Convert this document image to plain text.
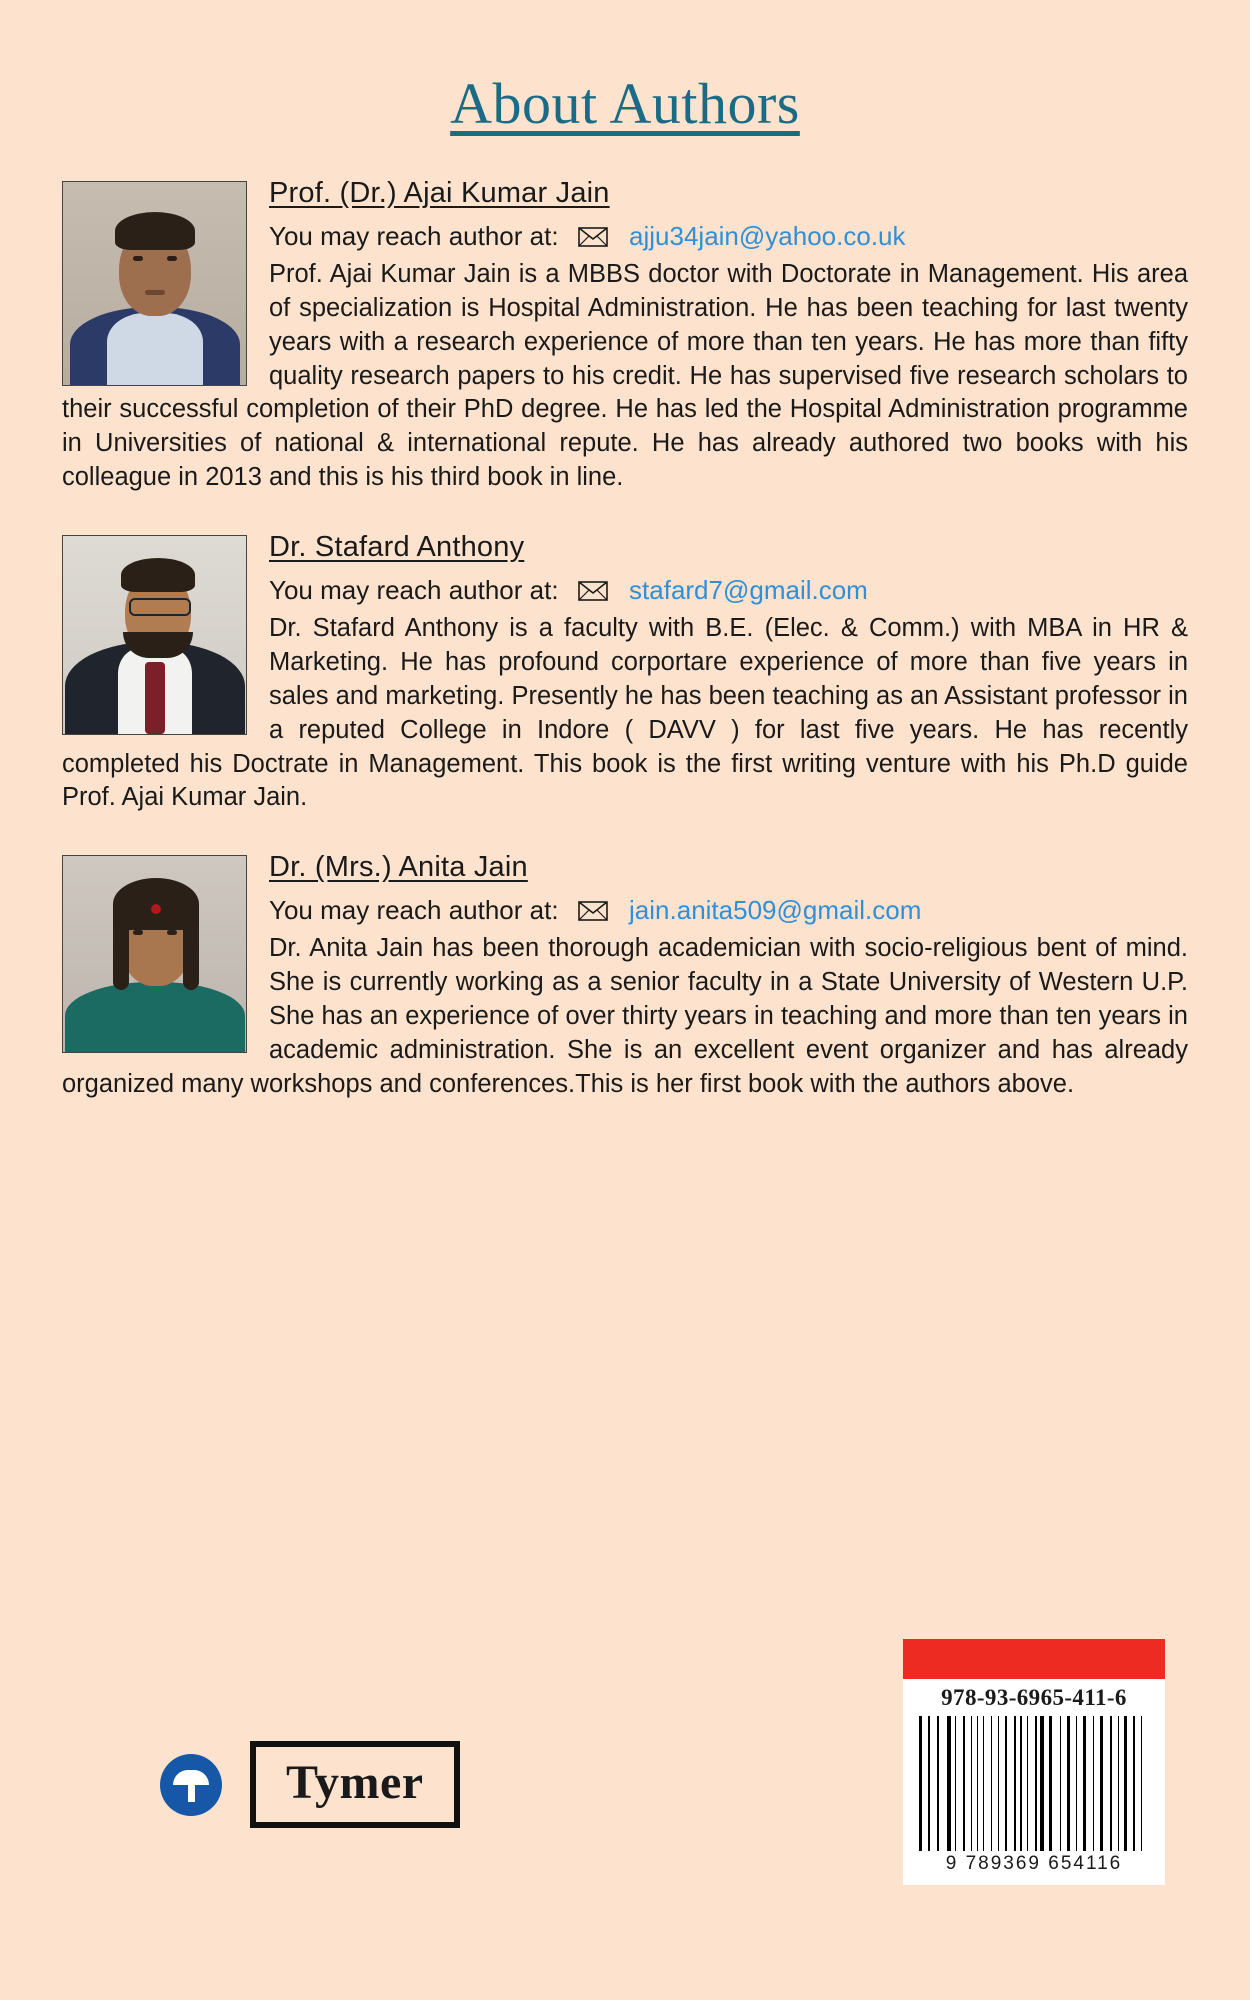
About Authors
Prof. (Dr.) Ajai Kumar Jain
You may reach author at:	ajju34jain@yahoo.co.uk
Prof. Ajai Kumar Jain is a MBBS doctor with Doctorate in Management. His area of specialization is Hospital Administration. He has been teaching for last twenty years with a research experience of more than ten years. He has more than fifty quality research papers to his credit. He has supervised five research scholars to their successful completion of their PhD degree. He has led the Hospital Administration programme in Universities of national & international repute. He has already authored two books with his colleague in 2013 and this is his third book in line.
Dr. Stafard Anthony
You may reach author at:	stafard7@gmail.com
Dr. Stafard Anthony is a faculty with B.E. (Elec. & Comm.) with MBA in HR & Marketing. He has profound corportare experience of more than five years in sales and marketing. Presently he has been teaching as an Assistant professor in a reputed College in Indore ( DAVV ) for last five years. He has recently completed his Doctrate in Management. This book is the first writing venture with his Ph.D guide Prof. Ajai Kumar Jain.
Dr. (Mrs.) Anita Jain
You may reach author at:	jain.anita509@gmail.com
Dr. Anita Jain has been thorough academician with socio-religious bent of mind. She is currently working as a senior faculty in a State University of Western U.P. She has an experience of over thirty years in teaching and more than ten years in academic administration. She is an excellent event organizer and has already organized many workshops and conferences.This is her first book with the authors above.
Tymer
978-93-6965-411-6
9 789369 654116
